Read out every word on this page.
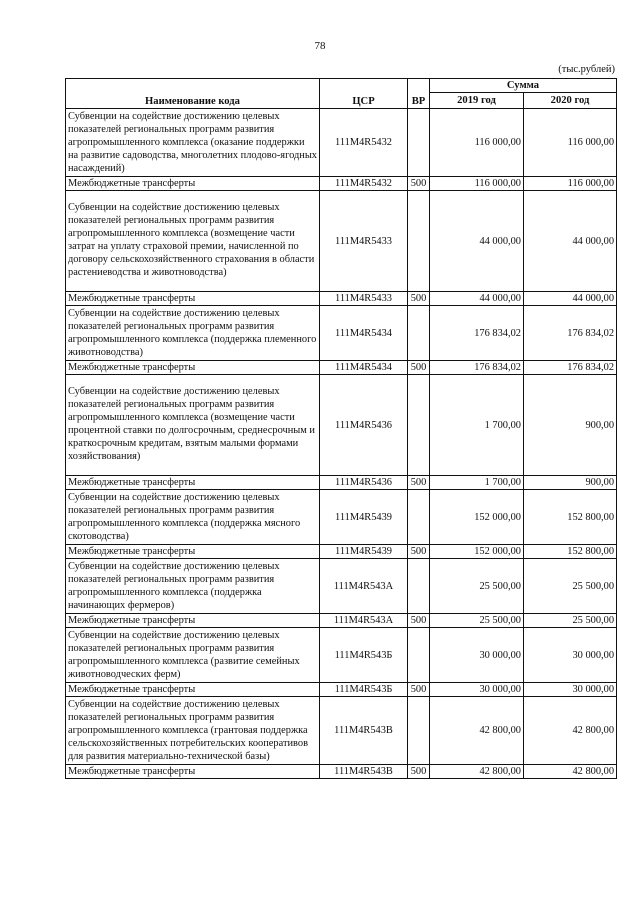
78
(тыс.рублей)
Наименование кода	ЦСР	ВР	Сумма	
			2019 год	2020 год
Субвенции на содействие достижению целевых показателей региональных программ развития агропромышленного комплекса (оказание поддержки на развитие садоводства, многолетних плодово-ягодных насаждений)	111M4R5432		116 000,00	116 000,00
Межбюджетные трансферты	111M4R5432	500	116 000,00	116 000,00
Субвенции на содействие достижению целевых показателей региональных программ развития агропромышленного комплекса (возмещение части затрат на уплату страховой премии, начисленной по договору сельскохозяйственного страхования в области растениеводства и животноводства)	111M4R5433		44 000,00	44 000,00
Межбюджетные трансферты	111M4R5433	500	44 000,00	44 000,00
Субвенции на содействие достижению целевых показателей региональных программ развития агропромышленного комплекса (поддержка племенного животноводства)	111M4R5434		176 834,02	176 834,02
Межбюджетные трансферты	111M4R5434	500	176 834,02	176 834,02
Субвенции на содействие достижению целевых показателей региональных программ развития агропромышленного комплекса (возмещение части процентной ставки по долгосрочным, среднесрочным и краткосрочным кредитам, взятым малыми формами хозяйствования)	111M4R5436		1 700,00	900,00
Межбюджетные трансферты	111M4R5436	500	1 700,00	900,00
Субвенции на содействие достижению целевых показателей региональных программ развития агропромышленного комплекса (поддержка мясного скотоводства)	111M4R5439		152 000,00	152 800,00
Межбюджетные трансферты	111M4R5439	500	152 000,00	152 800,00
Субвенции на содействие достижению целевых показателей региональных программ развития агропромышленного комплекса (поддержка начинающих фермеров)	111M4R543A		25 500,00	25 500,00
Межбюджетные трансферты	111M4R543A	500	25 500,00	25 500,00
Субвенции на содействие достижению целевых показателей региональных программ развития агропромышленного комплекса (развитие семейных животноводческих ферм)	111M4R543Б		30 000,00	30 000,00
Межбюджетные трансферты	111M4R543Б	500	30 000,00	30 000,00
Субвенции на содействие достижению целевых показателей региональных программ развития агропромышленного комплекса (грантовая поддержка сельскохозяйственных потребительских кооперативов для развития материально-технической базы)	111M4R543В		42 800,00	42 800,00
Межбюджетные трансферты	111M4R543В	500	42 800,00	42 800,00
